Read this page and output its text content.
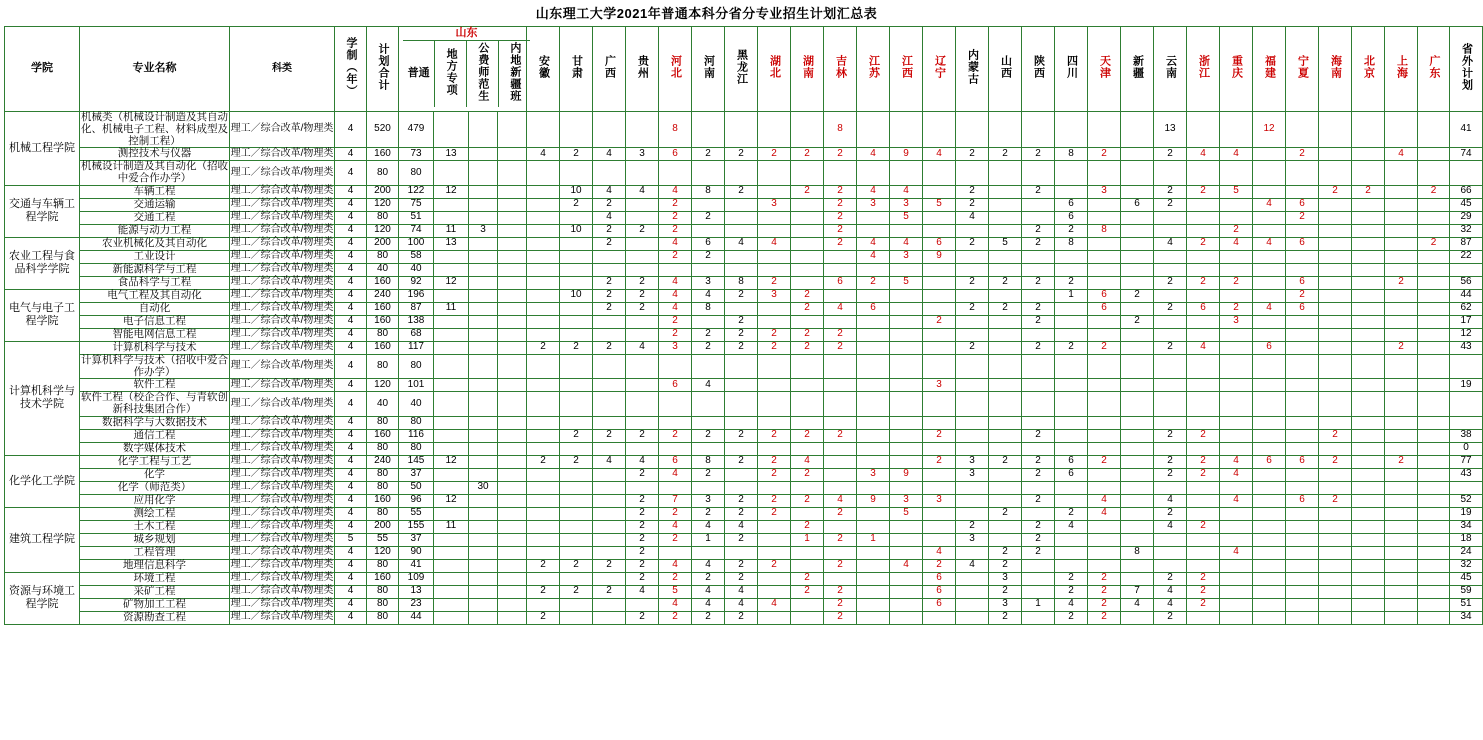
山东理工大学2021年普通本科分省分专业招生计划汇总表
学院	专业名称	科类	学制（年）	计划合计	
山东
普通	地方专项	公费师范生	内地新疆班
	安徽	甘肃	广西	贵州	河北	河南	黑龙江	湖北	湖南	吉林	江苏	江西	辽宁	内蒙古	山西	陕西	四川	天津	新疆	云南	浙江	重庆	福建	宁夏	海南	北京	上海	广东	省外计划
机械工程学院	机械类（机械设计制造及其自动化、机械电子工程、材料成型及控制工程）	理工／综合改革/物理类	4	520	479								8					8										13			12						41
测控技术与仪器	理工／综合改革/物理类	4	160	73	13			4	2	4	3	6	2	2	2	2	2	4	9	4	2	2	2	8	2		2	4	4		2			4		74
机械设计制造及其自动化（招收中爱合作办学）	理工／综合改革/物理类	4	80	80																																
交通与车辆工程学院	车辆工程	理工／综合改革/物理类	4	200	122	12				10	4	4	4	8	2		2	2	4	4		2		2		3		2	2	5			2	2		2	66
交通运输	理工／综合改革/物理类	4	120	75					2	2		2			3		2	3	3	5	2			6		6	2			4	6					45
交通工程	理工／综合改革/物理类	4	80	51						4		2	2				2		5		4			6							2					29
能源与动力工程	理工／综合改革/物理类	4	120	74	11	3			10	2	2	2					2						2	2	8				2							32
农业工程与食品科学学院	农业机械化及其自动化	理工／综合改革/物理类	4	200	100	13					2		4	6	4	4		2	4	4	6	2	5	2	8			4	2	4	4	6				2	87
工业设计	理工／综合改革/物理类	4	80	58								2	2					4	3	9																22
新能源科学与工程	理工／综合改革/物理类	4	40	40																																
食品科学与工程	理工／综合改革/物理类	4	160	92	12					2	2	4	3	8	2		6	2	5		2	2	2	2			2	2	2		6			2		56
电气与电子工程学院	电气工程及其自动化	理工／综合改革/物理类	4	240	196					10	2	2	4	4	2	3	2								1	6	2					2					44
自动化	理工／综合改革/物理类	4	160	87	11					2	2	4	8			2	4	6			2	2	2		6		2	6	2	4	6					62
电子信息工程	理工／综合改革/物理类	4	160	138								2		2						2			2			2			3							17
智能电网信息工程	理工／综合改革/物理类	4	80	68								2	2	2	2	2	2																			12
计算机科学与技术学院	计算机科学与技术	理工／综合改革/物理类	4	160	117				2	2	2	4	3	2	2	2	2	2				2		2	2	2		2	4		6				2		43
计算机科学与技术（招收中爱合作办学）	理工／综合改革/物理类	4	80	80																																
软件工程	理工／综合改革/物理类	4	120	101								6	4							3																19
软件工程（校企合作、与青软创新科技集团合作）	理工／综合改革/物理类	4	40	40																																
数据科学与大数据技术	理工／综合改革/物理类	4	80	80																																
通信工程	理工／综合改革/物理类	4	160	116					2	2	2	2	2	2	2	2	2			2			2				2	2				2				38
数字媒体技术	理工／综合改革/物理类	4	80	80																																0
化学化工学院	化学工程与工艺	理工／综合改革/物理类	4	240	145	12			2	2	4	4	6	8	2	2	4				2	3	2	2	6	2		2	2	4	6	6	2		2		77
化学	理工／综合改革/物理类	4	80	37							2	4	2		2	2		3	9		3		2	6			2	2	4							43
化学（师范类）	理工／综合改革/物理类	4	80	50		30																														
应用化学	理工／综合改革/物理类	4	160	96	12						2	7	3	2	2	2	4	9	3	3			2		4		4		4		6	2				52
建筑工程学院	测绘工程	理工／综合改革/物理类	4	80	55							2	2	2	2	2		2		5			2		2	4		2									19
土木工程	理工／综合改革/物理类	4	200	155	11						2	4	4	4		2					2		2	4			4	2								34
城乡规划	理工／综合改革/物理类	5	55	37							2	2	1	2		1	2	1			3		2													18
工程管理	理工／综合改革/物理类	4	120	90							2									4		2	2			8			4							24
地理信息科学	理工／综合改革/物理类	4	80	41				2	2	2	2	4	4	2	2		2		4	2	4	2														32
资源与环境工程学院	环境工程	理工／综合改革/物理类	4	160	109							2	2	2	2		2				6		3		2	2		2	2								45
采矿工程	理工／综合改革/物理类	4	80	13				2	2	2	4	5	4	4		2	2			6		2		2	2	7	4	2								59
矿物加工工程	理工／综合改革/物理类	4	80	23								4	4	4	4		2			6		3	1	4	2	4	4	2								51
资源勘查工程	理工／综合改革/物理类	4	80	44				2			2	2	2	2			2					2		2	2		2									34
